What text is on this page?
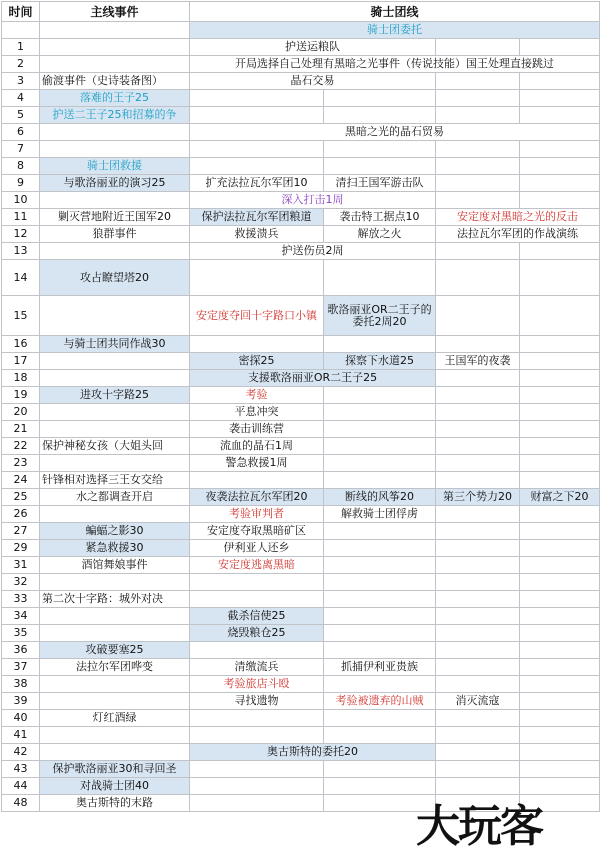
时间	主线事件	骑士团线			
		骑士团委托			
1		护送运粮队			
2		开局选择自己处理有黑暗之光事件（传说技能）国王处理直接跳过			
3	偷渡事件（史诗装备图）	晶石交易			
4	落难的王子25				
5	护送二王子25和招募的争				
6		黑暗之光的晶石贸易			
7					
8	骑士团救援				
9	与歌洛丽亚的演习25	扩充法拉瓦尔军团10	清扫王国军游击队		
10		深入打击1周			
11	剿灭营地附近王国军20	保护法拉瓦尔军团粮道	袭击特工据点10	安定度对黑暗之光的反击	
12	狼群事件	救援溃兵	解放之火	法拉瓦尔军团的作战演练	
13		护送伤员2周			
14	攻占瞭望塔20				
15		安定度夺回十字路口小镇	歌洛丽亚OR二王子的委托2周20		
16	与骑士团共同作战30				
17		密探25	探察下水道25	王国军的夜袭	
18		支援歌洛丽亚OR二王子25			
19	进攻十字路25	考验			
20		平息冲突			
21		袭击训练营			
22	保护神秘女孩（大姐头回	流血的晶石1周			
23		警急救援1周			
24	针锋相对选择三王女交给				
25	水之都调查开启	夜袭法拉瓦尔军团20	断线的风筝20	第三个势力20	财富之下20
26		考验审判者	解救骑士团俘虏		
27	蝙蝠之影30	安定度夺取黑暗矿区			
29	紧急救援30	伊利亚人还乡			
31	酒馆舞娘事件	安定度逃离黑暗			
32					
33	第二次十字路：城外对决				
34		截杀信使25			
35		烧毁粮仓25			
36	攻破要塞25				
37	法拉尔军团哗变	清缴流兵	抓捕伊利亚贵族		
38		考验旅店斗殴			
39		寻找遗物	考验被遗弃的山贼	消灭流寇	
40	灯红酒绿				
41					
42		奥古斯特的委托20			
43	保护歌洛丽亚30和寻回圣				
44	对战骑士团40				
48	奥古斯特的末路					大玩客
